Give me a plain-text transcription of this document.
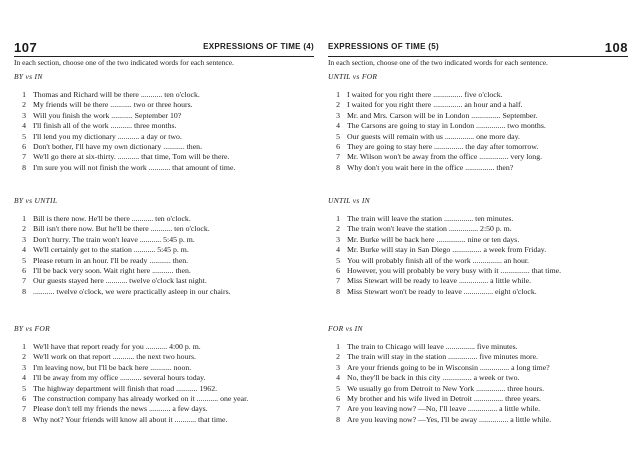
107	EXPRESSIONS OF TIME (4)
In each section, choose one of the two indicated words for each sentence.
BY vs IN
1 Thomas and Richard will be there ........... ten o'clock.
2 My friends will be there ........... two or three hours.
3 Will you finish the work ........... September 10?
4 I'll finish all of the work ........... three months.
5 I'll lend you my dictionary ........... a day or two.
6 Don't bother, I'll have my own dictionary ........... then.
7 We'll go there at six-thirty. ........... that time, Tom will be there.
8 I'm sure you will not finish the work ........... that amount of time.
BY vs UNTIL
1 Bill is there now. He'll be there ........... ten o'clock.
2 Bill isn't there now. But he'll be there ........... ten o'clock.
3 Don't hurry. The train won't leave ........... 5:45 p. m.
4 We'll certainly get to the station ........... 5:45 p. m.
5 Please return in an hour. I'll be ready ........... then.
6 I'll be back very soon. Wait right here ........... then.
7 Our guests stayed here ........... twelve o'clock last night.
8 ........... twelve o'clock, we were practically asleep in our chairs.
BY vs FOR
1 We'll have that report ready for you ........... 4:00 p. m.
2 We'll work on that report ........... the next two hours.
3 I'm leaving now, but I'll be back here ........... noon.
4 I'll be away from my office ........... several hours today.
5 The highway department will finish that road ........... 1962.
6 The construction company has already worked on it ........... one year.
7 Please don't tell my friends the news ........... a few days.
8 Why not? Your friends will know all about it ........... that time.
EXPRESSIONS OF TIME (5)	108
In each section, choose one of the two indicated words for each sentence.
UNTIL vs FOR
1 I waited for you right there ............... five o'clock.
2 I waited for you right there ............... an hour and a half.
3 Mr. and Mrs. Carson will be in London ............... September.
4 The Carsons are going to stay in London ............... two months.
5 Our guests will remain with us ............... one more day.
6 They are going to stay here ............... the day after tomorrow.
7 Mr. Wilson won't be away from the office ............... very long.
8 Why don't you wait here in the office ............... then?
UNTIL vs IN
1 The train will leave the station ............... ten minutes.
2 The train won't leave the station ............... 2:50 p. m.
3 Mr. Burke will be back here ............... nine or ten days.
4 Mr. Burke will stay in San Diego ............... a week from Friday.
5 You will probably finish all of the work ............... an hour.
6 However, you will probably be very busy with it ............... that time.
7 Miss Stewart will be ready to leave ............... a little while.
8 Miss Stewart won't be ready to leave ............... eight o'clock.
FOR vs IN
1 The train to Chicago will leave ............... five minutes.
2 The train will stay in the station ............... five minutes more.
3 Are your friends going to be in Wisconsin ............... a long time?
4 No, they'll be back in this city ............... a week or two.
5 We usually go from Detroit to New York ............... three hours.
6 My brother and his wife lived in Detroit ............... three years.
7 Are you leaving now? —No, I'll leave ............... a little while.
8 Are you leaving now? —Yes, I'll be away ............... a little while.
